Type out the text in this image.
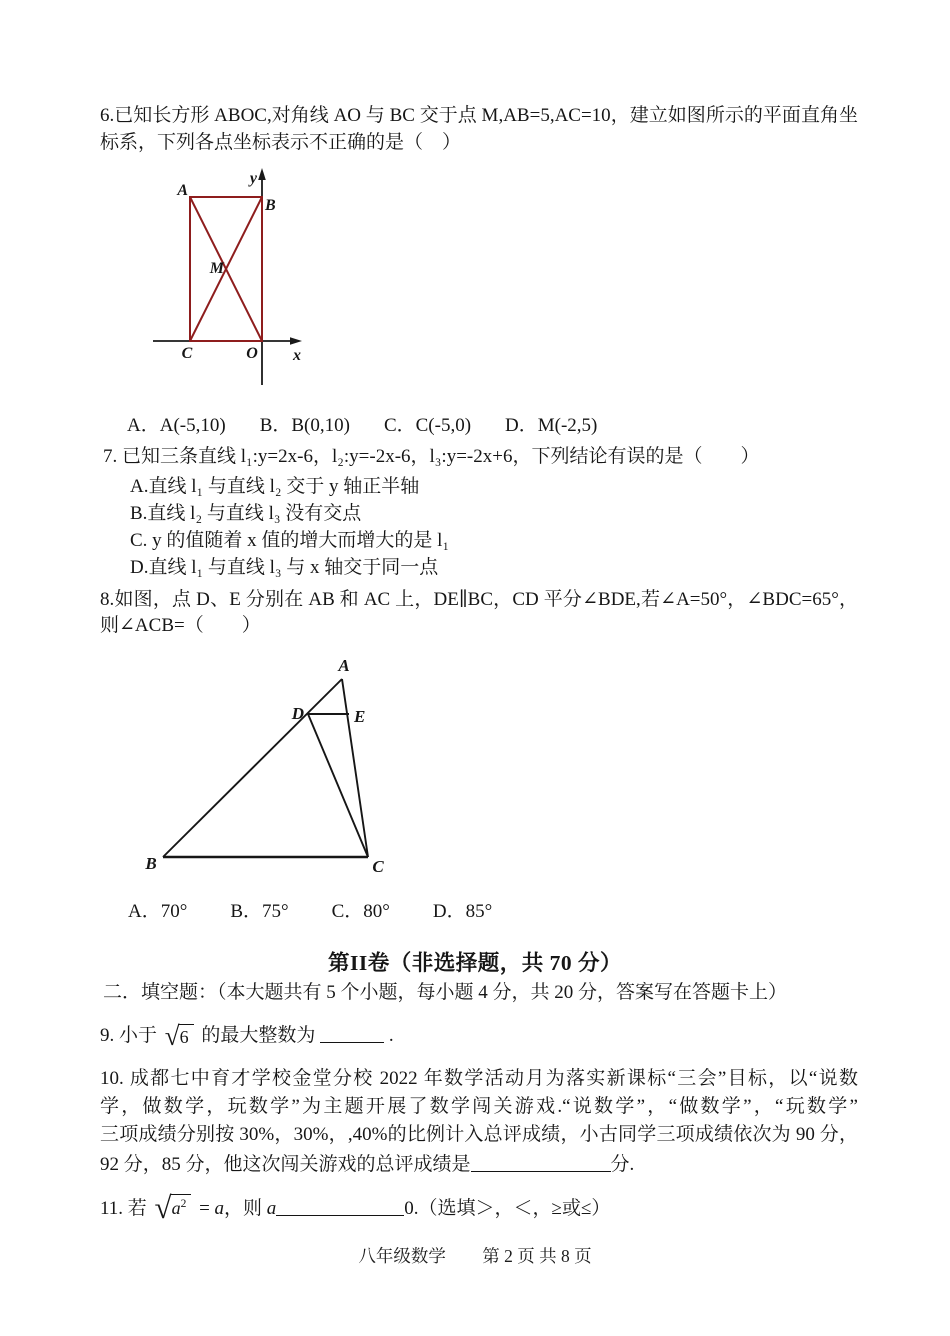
6.已知长方形 ABOC,对角线 AO 与 BC 交于点 M,AB=5,AC=10，建立如图所示的平面直角坐
标系，下列各点坐标表示不正确的是（　）
y
A
B
M
C	O x
A．A(-5,10) B．B(0,10) C．C(-5,0) D．M(-2,5)
7. 已知三条直线 l₁:y=2x-6，l₂:y=-2x-6，l₃:y=-2x+6，下列结论有误的是（　　）
A.直线 l₁ 与直线 l₂ 交于 y 轴正半轴
B.直线 l₂ 与直线 l₃ 没有交点
C. y 的值随着 x 值的增大而增大的是 l₁
D.直线 l₁ 与直线 l₃ 与 x 轴交于同一点
8.如图，点 D、E 分别在 AB 和 AC 上，DE∥BC，CD 平分∠BDE,若∠A=50°，∠BDC=65°，
则∠ACB=（　　）
A
B	C
D	E
A．70° B．75° C．80° D．85°
第II卷（非选择题，共 70 分）
二．填空题：（本大题共有 5 个小题，每小题 4 分，共 20 分，答案写在答题卡上）
9. 小于 √ 6 的最大整数为	.
10. 成都七中育才学校金堂分校 2022 年数学活动月为落实新课标“三会”目标，以“说数
学，做数学，玩数学”为主题开展了数学闯关游戏.“说数学”，“做数学”，“玩数学”
三项成绩分别按 30%，30%，,40%的比例计入总评成绩，小古同学三项成绩依次为 90 分，
92 分，85 分，他这次闯关游戏的总评成绩是	分.
11. 若 √ $a^2 = a$，则 a	0.（选填＞，＜，≥或≤）
八年级数学 第 2 页 共 8 页
